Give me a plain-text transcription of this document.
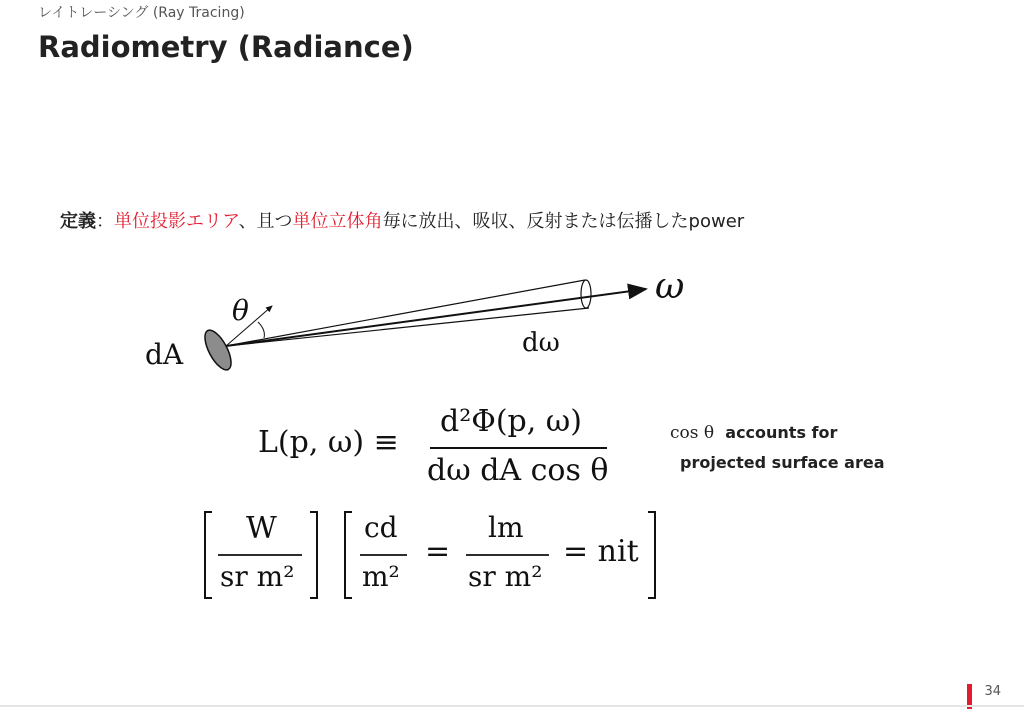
レイトレーシング (Ray Tracing)
Radiometry (Radiance)
定義：単位投影エリア、且つ単位立体角毎に放出、吸収、反射または伝播したpower
dA
θ
dω
ω
L(p, ω) ≡
d²Φ(p, ω)
dω dA cos θ
cos θ accounts for
projected surface area
W
sr m²
cd
m²
=
lm
sr m²
= nit
34
